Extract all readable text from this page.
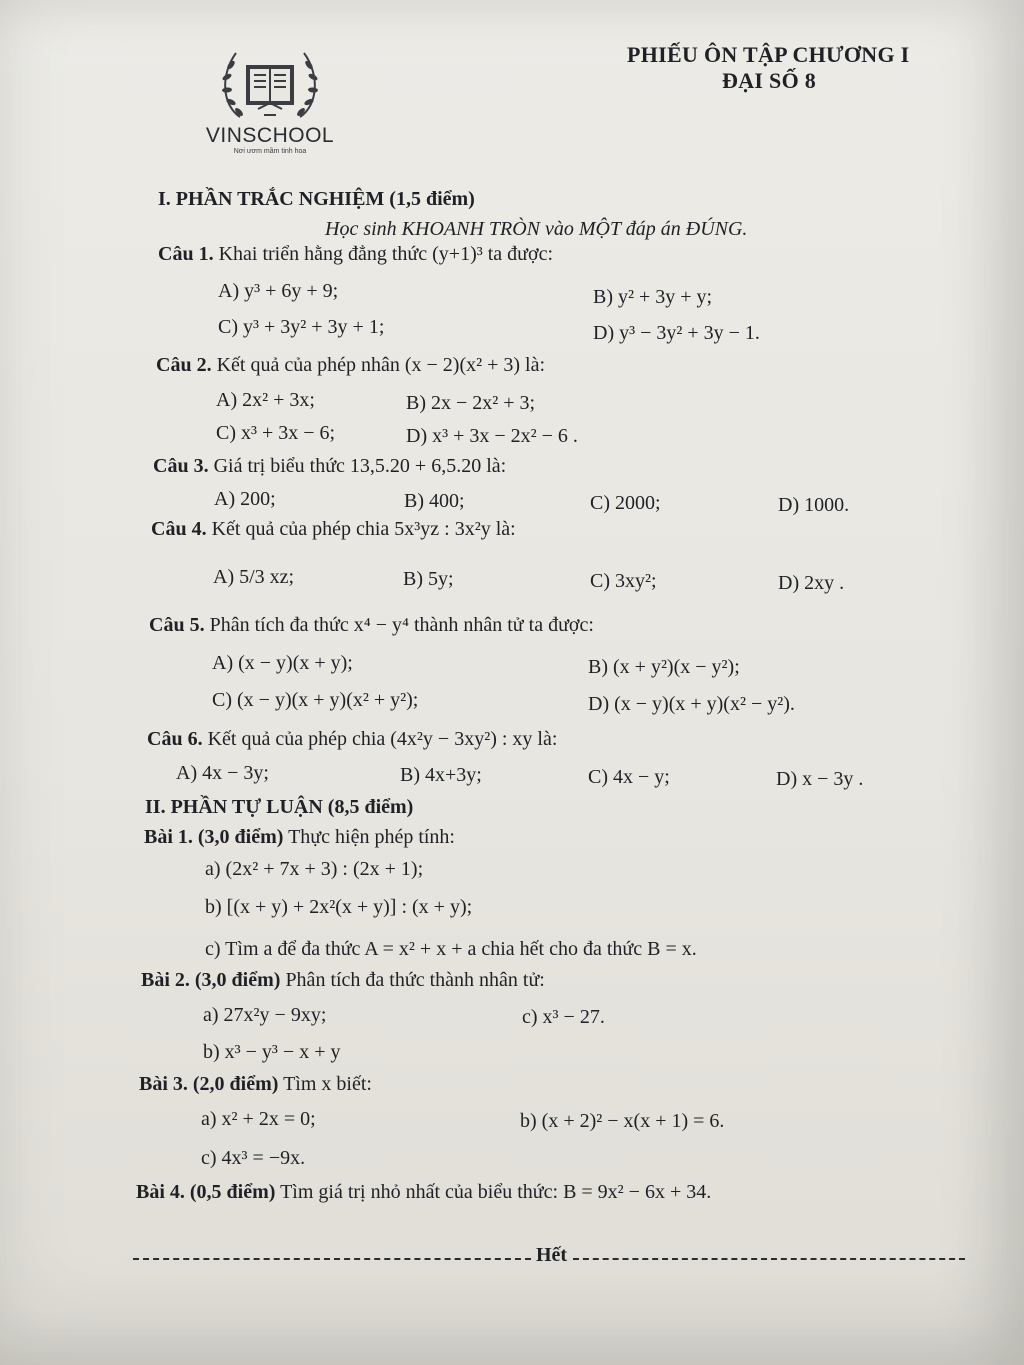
VINSCHOOL
Nơi ươm mầm tinh hoa
PHIẾU ÔN TẬP CHƯƠNG I
ĐẠI SỐ 8
I. PHẦN TRẮC NGHIỆM (1,5 điểm)
Học sinh KHOANH TRÒN vào MỘT đáp án ĐÚNG.
Câu 1. Khai triển hằng đẳng thức (y+1)³ ta được:
A) y³ + 6y + 9;	B) y² + 3y + y;
C) y³ + 3y² + 3y + 1;	D) y³ − 3y² + 3y − 1.
Câu 2. Kết quả của phép nhân (x − 2)(x² + 3) là:
A) 2x² + 3x;	B) 2x − 2x² + 3;
C) x³ + 3x − 6;	D) x³ + 3x − 2x² − 6 .
Câu 3. Giá trị biểu thức 13,5.20 + 6,5.20 là:
A) 200;	B) 400;	C) 2000;	D) 1000.
Câu 4. Kết quả của phép chia 5x³yz : 3x²y là:
A) 5/3 xz;	B) 5y;	C) 3xy²;	D) 2xy .
Câu 5. Phân tích đa thức x⁴ − y⁴ thành nhân tử ta được:
A) (x − y)(x + y);	B) (x + y²)(x − y²);
C) (x − y)(x + y)(x² + y²);	D) (x − y)(x + y)(x² − y²).
Câu 6. Kết quả của phép chia (4x²y − 3xy²) : xy là:
A) 4x − 3y;	B) 4x+3y;	C) 4x − y;	D) x − 3y .
II. PHẦN TỰ LUẬN (8,5 điểm)
Bài 1. (3,0 điểm) Thực hiện phép tính:
a) (2x² + 7x + 3) : (2x + 1);
b) [(x + y) + 2x²(x + y)] : (x + y);
c) Tìm a để đa thức A = x² + x + a chia hết cho đa thức B = x.
Bài 2. (3,0 điểm) Phân tích đa thức thành nhân tử:
a) 27x²y − 9xy;	c) x³ − 27.
b) x³ − y³ − x + y
Bài 3. (2,0 điểm) Tìm x biết:
a) x² + 2x = 0;	b) (x + 2)² − x(x + 1) = 6.
c) 4x³ = −9x.
Bài 4. (0,5 điểm) Tìm giá trị nhỏ nhất của biểu thức: B = 9x² − 6x + 34.
Hết
